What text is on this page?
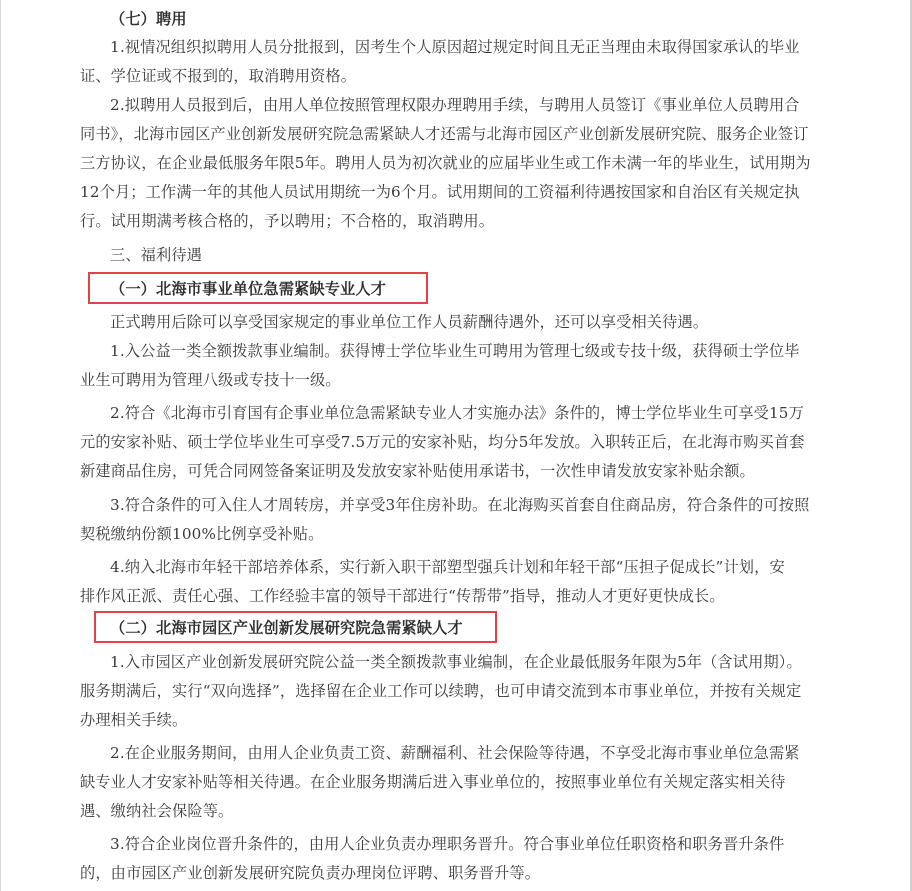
（七）聘用
1.视情况组织拟聘用人员分批报到，因考生个人原因超过规定时间且无正当理由未取得国家承认的毕业
证、学位证或不报到的，取消聘用资格。
2.拟聘用人员报到后，由用人单位按照管理权限办理聘用手续，与聘用人员签订《事业单位人员聘用合
同书》，北海市园区产业创新发展研究院急需紧缺人才还需与北海市园区产业创新发展研究院、服务企业签订
三方协议，在企业最低服务年限5年。聘用人员为初次就业的应届毕业生或工作未满一年的毕业生，试用期为
12个月；工作满一年的其他人员试用期统一为6个月。试用期间的工资福利待遇按国家和自治区有关规定执
行。试用期满考核合格的，予以聘用；不合格的，取消聘用。
三、福利待遇
（一）北海市事业单位急需紧缺专业人才
正式聘用后除可以享受国家规定的事业单位工作人员薪酬待遇外，还可以享受相关待遇。
1.入公益一类全额拨款事业编制。获得博士学位毕业生可聘用为管理七级或专技十级，获得硕士学位毕
业生可聘用为管理八级或专技十一级。
2.符合《北海市引育国有企事业单位急需紧缺专业人才实施办法》条件的，博士学位毕业生可享受15万
元的安家补贴、硕士学位毕业生可享受7.5万元的安家补贴，均分5年发放。入职转正后，在北海市购买首套
新建商品住房，可凭合同网签备案证明及发放安家补贴使用承诺书，一次性申请发放安家补贴余额。
3.符合条件的可入住人才周转房，并享受3年住房补助。在北海购买首套自住商品房，符合条件的可按照
契税缴纳份额100%比例享受补贴。
4.纳入北海市年轻干部培养体系，实行新入职干部塑型强兵计划和年轻干部“压担子促成长”计划，安
排作风正派、责任心强、工作经验丰富的领导干部进行“传帮带”指导，推动人才更好更快成长。
（二）北海市园区产业创新发展研究院急需紧缺人才
1.入市园区产业创新发展研究院公益一类全额拨款事业编制，在企业最低服务年限为5年（含试用期）。
服务期满后，实行“双向选择”，选择留在企业工作可以续聘，也可申请交流到本市事业单位，并按有关规定
办理相关手续。
2.在企业服务期间，由用人企业负责工资、薪酬福利、社会保险等待遇，不享受北海市事业单位急需紧
缺专业人才安家补贴等相关待遇。在企业服务期满后进入事业单位的，按照事业单位有关规定落实相关待
遇、缴纳社会保险等。
3.符合企业岗位晋升条件的，由用人企业负责办理职务晋升。符合事业单位任职资格和职务晋升条件
的，由市园区产业创新发展研究院负责办理岗位评聘、职务晋升等。
